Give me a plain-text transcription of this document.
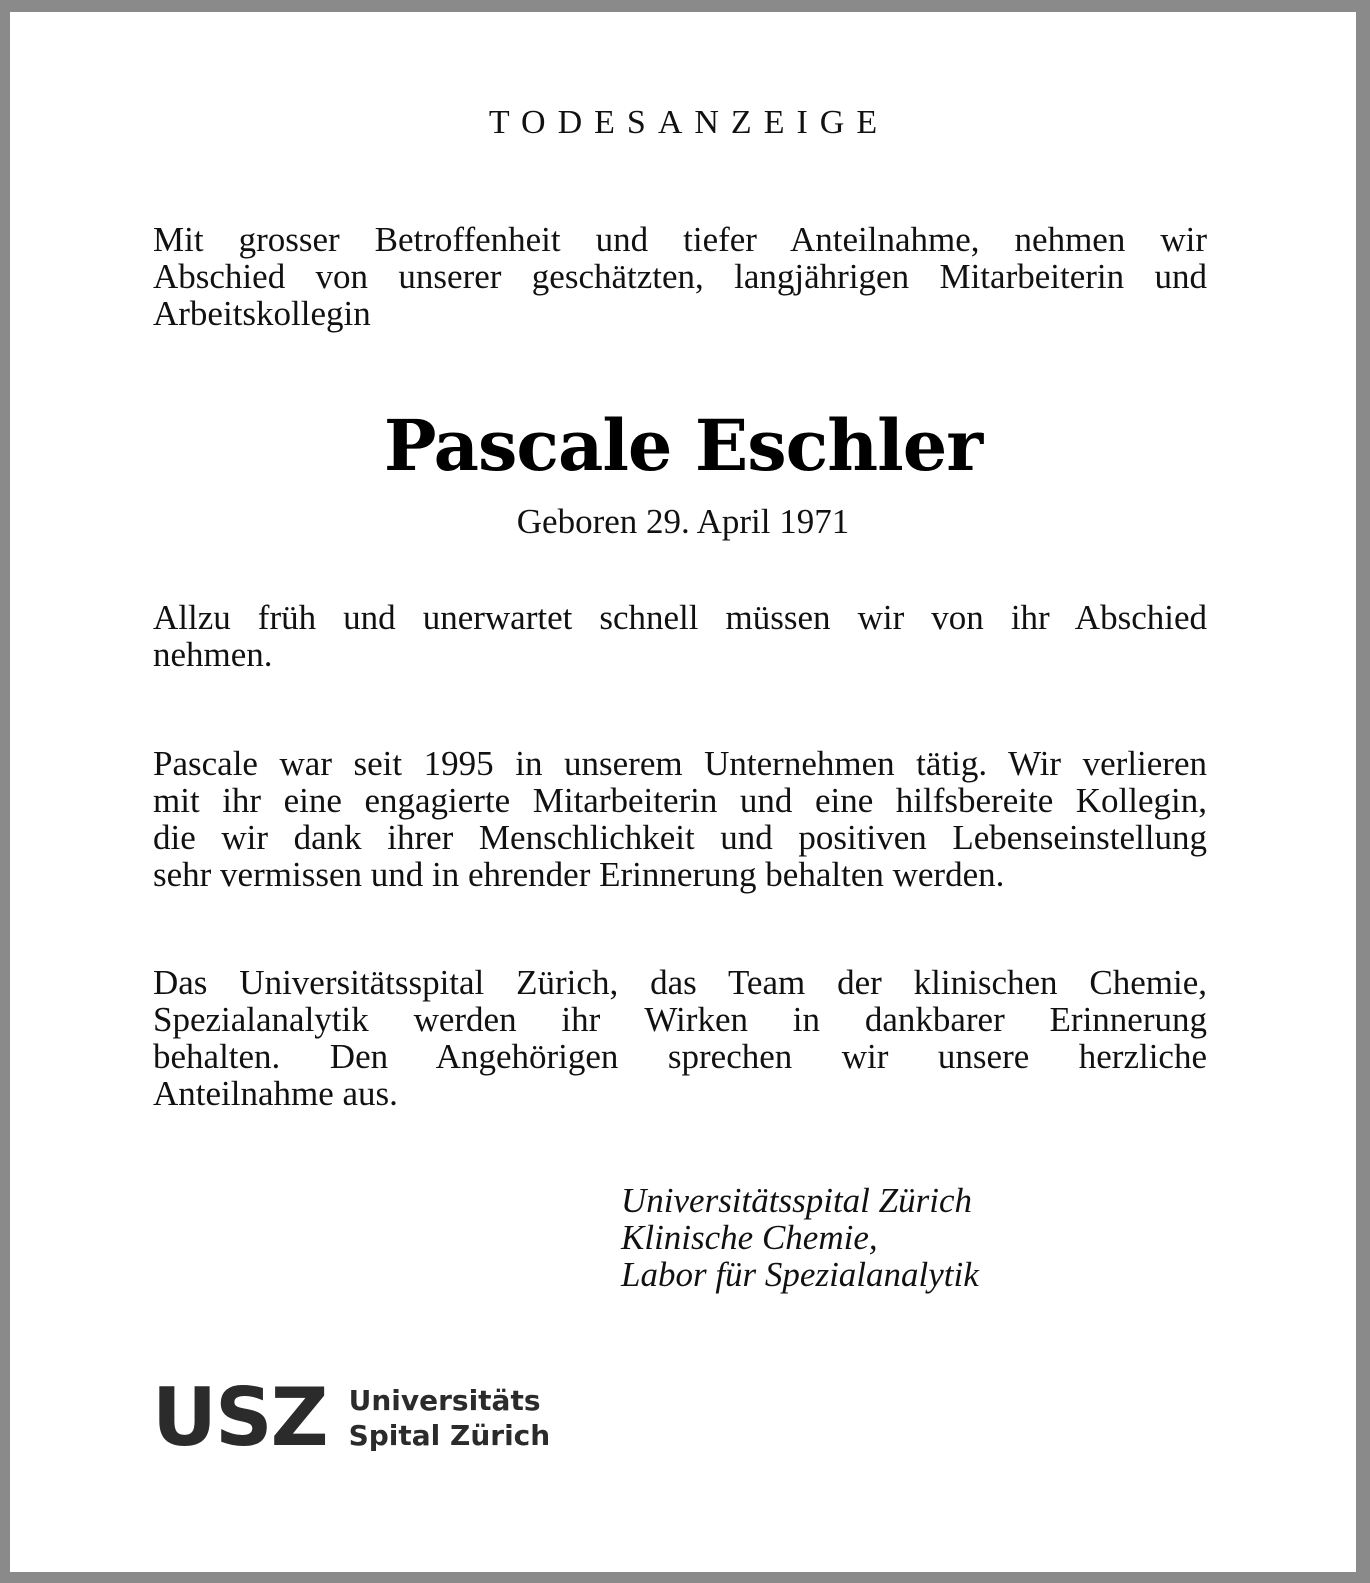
TODESANZEIGE

Mit grosser Betroffenheit und tiefer Anteilnahme, nehmen wir
Abschied von unserer geschätzten, langjährigen Mitarbeiterin und
Arbeitskollegin

Pascale Eschler
Geboren 29. April 1971

Allzu früh und unerwartet schnell müssen wir von ihr Abschied
nehmen.

Pascale war seit 1995 in unserem Unternehmen tätig. Wir verlieren
mit ihr eine engagierte Mitarbeiterin und eine hilfsbereite Kollegin,
die wir dank ihrer Menschlichkeit und positiven Lebenseinstellung
sehr vermissen und in ehrender Erinnerung behalten werden.

Das Universitätsspital Zürich, das Team der klinischen Chemie,
Spezialanalytik werden ihr Wirken in dankbarer Erinnerung
behalten. Den Angehörigen sprechen wir unsere herzliche
Anteilnahme aus.

Universitätsspital Zürich
Klinische Chemie,
Labor für Spezialanalytik
USZ Universitäts
Spital Zürich
